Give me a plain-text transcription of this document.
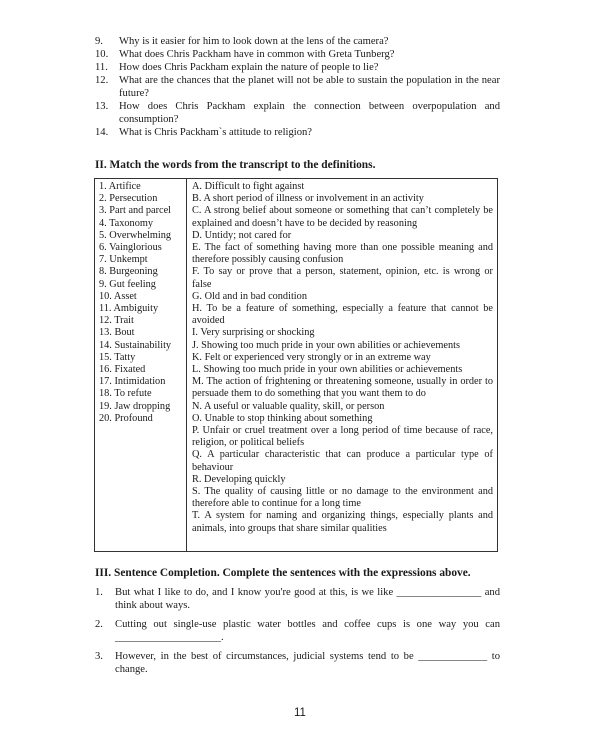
9.	Why is it easier for him to look down at the lens of the camera?
10.	What does Chris Packham have in common with Greta Tunberg?
11.	How does Chris Packham explain the nature of people to lie?
12.	What are the chances that the planet will not be able to sustain the population in the near future?
13.	How does Chris Packham explain the connection between overpopulation and consumption?
14.	What is Chris Packham`s attitude to religion?
II. Match the words from the transcript to the definitions.
1. Artifice
2. Persecution
3. Part and parcel
4. Taxonomy
5. Overwhelming
6. Vainglorious
7. Unkempt
8. Burgeoning
9. Gut feeling
10. Asset
11. Ambiguity
12. Trait
13. Bout
14. Sustainability
15. Tatty
16. Fixated
17. Intimidation
18. To refute
19. Jaw dropping
20. Profound
A. Difficult to fight against
B. A short period of illness or involvement in an activity
C. A strong belief about someone or something that can’t completely be explained and doesn’t have to be decided by reasoning
D. Untidy; not cared for
E. The fact of something having more than one possible meaning and therefore possibly causing confusion
F. To say or prove that a person, statement, opinion, etc. is wrong or false
G. Old and in bad condition
H. To be a feature of something, especially a feature that cannot be avoided
I. Very surprising or shocking
J. Showing too much pride in your own abilities or achievements
K. Felt or experienced very strongly or in an extreme way
L. Showing too much pride in your own abilities or achievements
M. The action of frightening or threatening someone, usually in order to persuade them to do something that you want them to do
N. A useful or valuable quality, skill, or person
O. Unable to stop thinking about something
P. Unfair or cruel treatment over a long period of time because of race, religion, or political beliefs
Q. A particular characteristic that can produce a particular type of behaviour
R. Developing quickly
S. The quality of causing little or no damage to the environment and therefore able to continue for a long time
T. A system for naming and organizing things, especially plants and animals, into groups that share similar qualities
III. Sentence Completion. Complete the sentences with the expressions above.
1.	But what I like to do, and I know you're good at this, is we like ________________ and think about ways.
2.	Cutting out single-use plastic water bottles and coffee cups is one way you can ____________________.
3.	However, in the best of circumstances, judicial systems tend to be _____________ to change.
11
